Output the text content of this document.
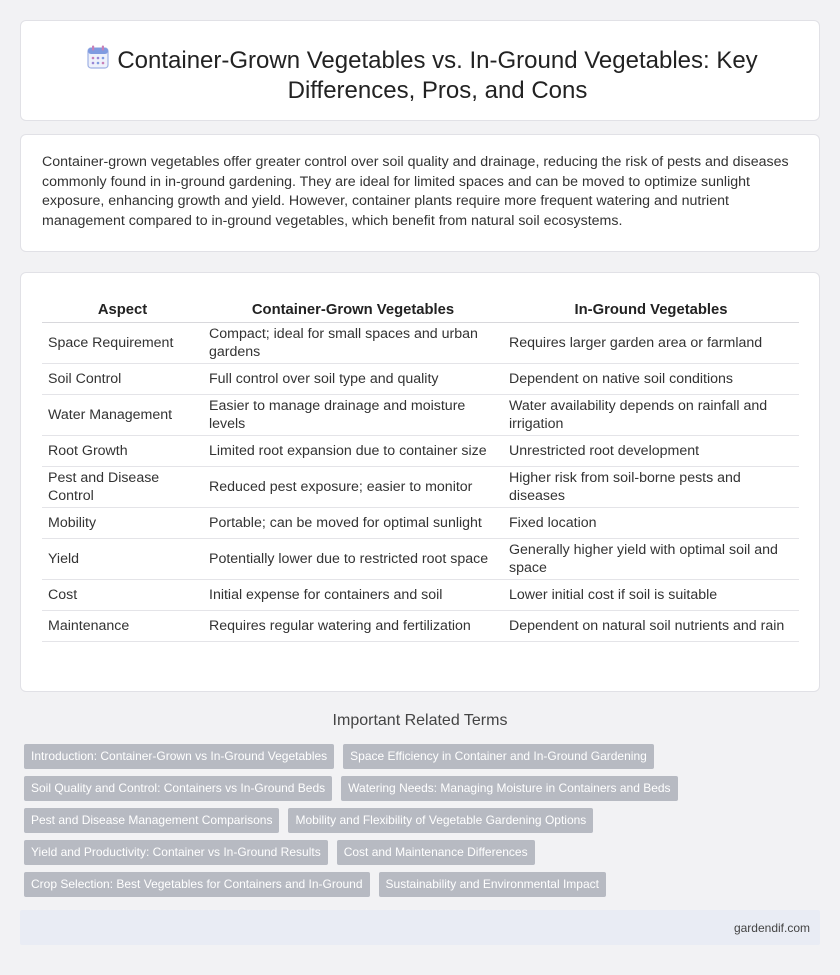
Container-Grown Vegetables vs. In-Ground Vegetables: Key Differences, Pros, and Cons

Container-grown vegetables offer greater control over soil quality and drainage, reducing the risk of pests and diseases commonly found in in-ground gardening. They are ideal for limited spaces and can be moved to optimize sunlight exposure, enhancing growth and yield. However, container plants require more frequent watering and nutrient management compared to in-ground vegetables, which benefit from natural soil ecosystems.

Aspect	Container-Grown Vegetables	In-Ground Vegetables
Space Requirement	Compact; ideal for small spaces and urban gardens	Requires larger garden area or farmland
Soil Control	Full control over soil type and quality	Dependent on native soil conditions
Water Management	Easier to manage drainage and moisture levels	Water availability depends on rainfall and irrigation
Root Growth	Limited root expansion due to container size	Unrestricted root development
Pest and Disease Control	Reduced pest exposure; easier to monitor	Higher risk from soil-borne pests and diseases
Mobility	Portable; can be moved for optimal sunlight	Fixed location
Yield	Potentially lower due to restricted root space	Generally higher yield with optimal soil and space
Cost	Initial expense for containers and soil	Lower initial cost if soil is suitable
Maintenance	Requires regular watering and fertilization	Dependent on natural soil nutrients and rain
Important Related Terms
Introduction: Container-Grown vs In-Ground Vegetables Space Efficiency in Container and In-Ground Gardening
Soil Quality and Control: Containers vs In-Ground Beds Watering Needs: Managing Moisture in Containers and Beds
Pest and Disease Management Comparisons Mobility and Flexibility of Vegetable Gardening Options
Yield and Productivity: Container vs In-Ground Results Cost and Maintenance Differences
Crop Selection: Best Vegetables for Containers and In-Ground Sustainability and Environmental Impact
gardendif.com
